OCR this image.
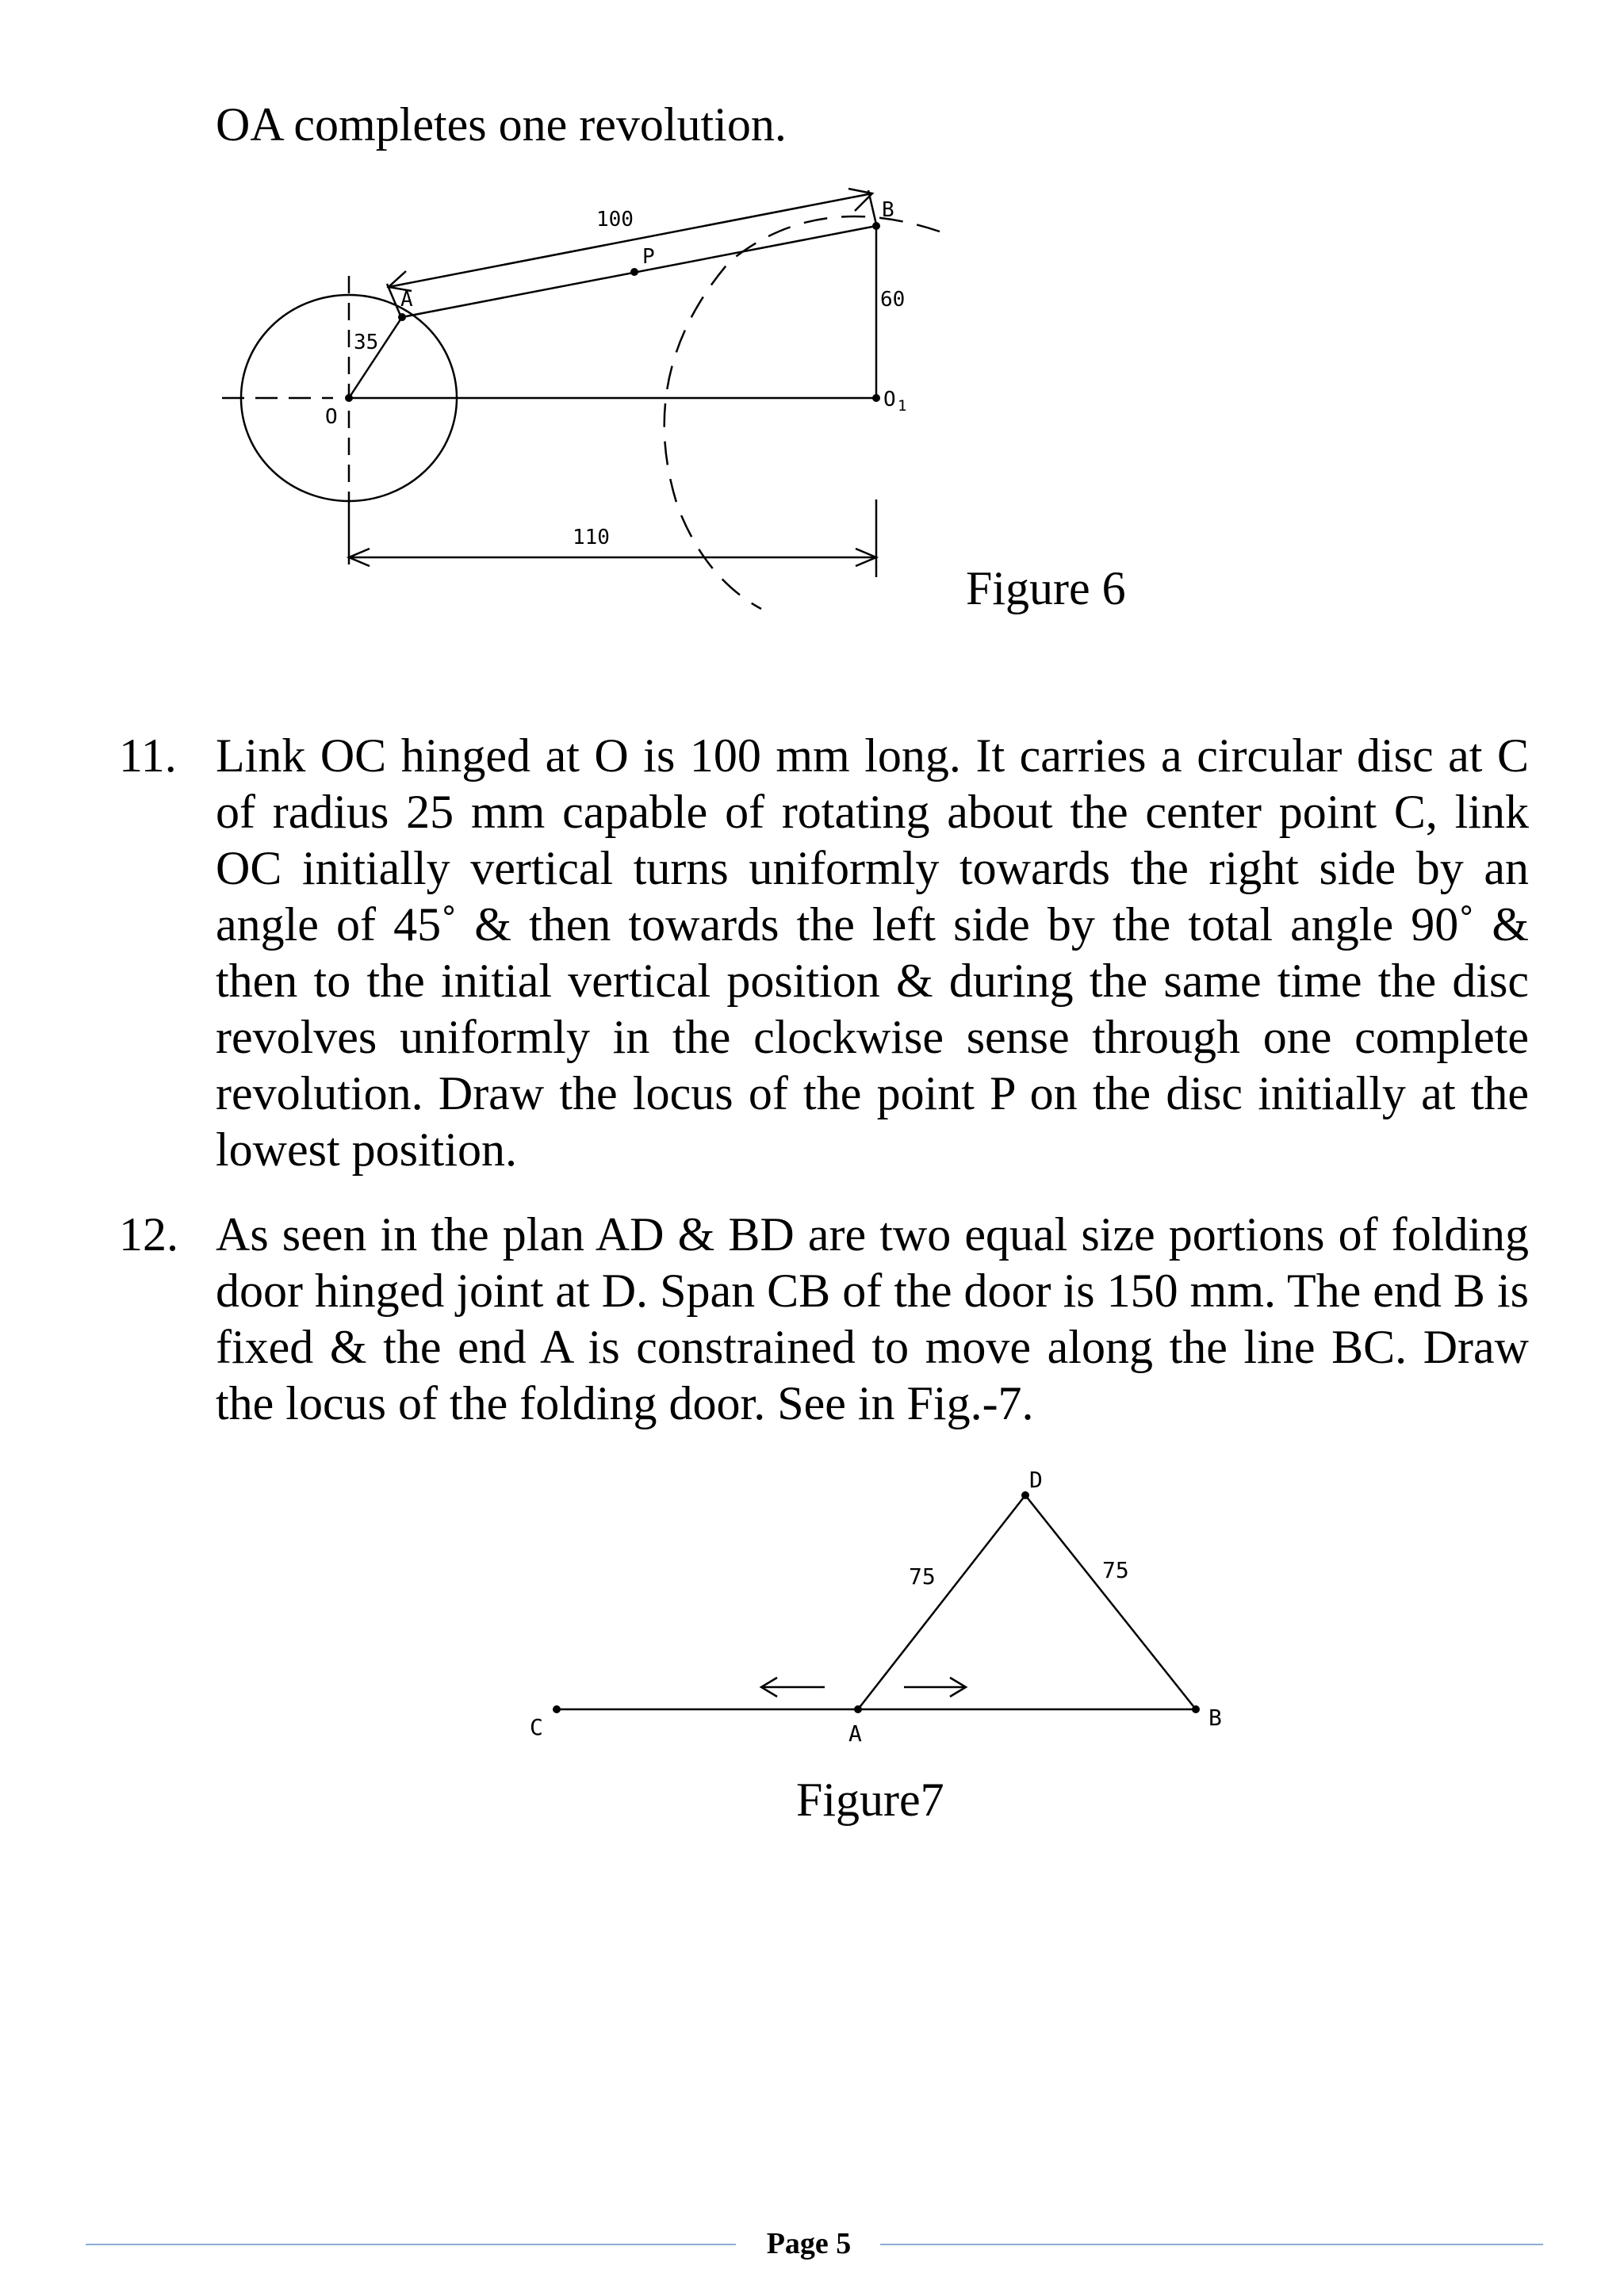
OA completes one revolution.
100
P
A
B
35
60
O
O 1
110
Figure 6
11. Link OC hinged at O is 100 mm long. It carries a circular disc at C of radius 25 mm capable of rotating about the center point C, link OC initially vertical turns uniformly towards the right side by an angle of 45˚ & then towards the left side by the total angle 90˚ & then to the initial vertical position & during the same time the disc revolves uniformly in the clockwise sense through one complete revolution. Draw the locus of the point P on the disc initially at the lowest position.
12. As seen in the plan AD & BD are two equal size portions of folding door hinged joint at D. Span CB of the door is 150 mm. The end B is fixed & the end A is constrained to move along the line BC. Draw the locus of the folding door. See in Fig.-7.
D
75	75
C	A
B
Figure7
Page 5
